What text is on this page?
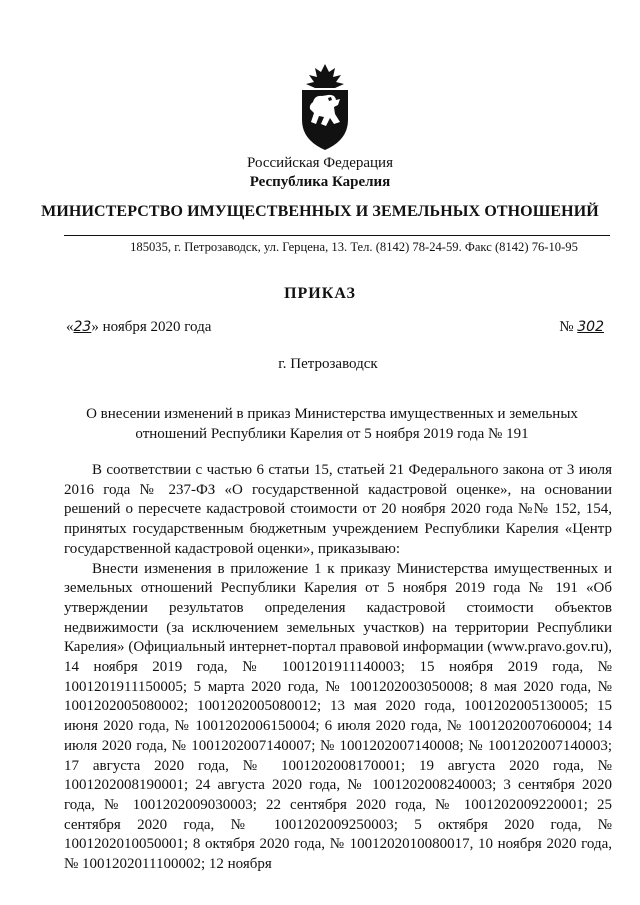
Российская Федерация
Республика Карелия
МИНИСТЕРСТВО ИМУЩЕСТВЕННЫХ И ЗЕМЕЛЬНЫХ ОТНОШЕНИЙ
185035, г. Петрозаводск, ул. Герцена, 13. Тел. (8142) 78-24-59. Факс (8142) 76-10-95
ПРИКАЗ
«23» ноября 2020 года	№ 302
г. Петрозаводск
О внесении изменений в приказ Министерства имущественных и земельных
отношений Республики Карелия от 5 ноября 2019 года № 191

В соответствии с частью 6 статьи 15, статьей 21 Федерального закона от 3 июля 2016 года № 237-ФЗ «О государственной кадастровой оценке», на основании решений о пересчете кадастровой стоимости от 20 ноября 2020 года №№ 152, 154, принятых государственным бюджетным учреждением Республики Карелия «Центр государственной кадастровой оценки», приказываю:

Внести изменения в приложение 1 к приказу Министерства имущественных и земельных отношений Республики Карелия от 5 ноября 2019 года № 191 «Об утверждении результатов определения кадастровой стоимости объектов недвижимости (за исключением земельных участков) на территории Республики Карелия» (Официальный интернет-портал правовой информации (www.pravo.gov.ru), 14 ноября 2019 года, № 1001201911140003; 15 ноября 2019 года, № 1001201911150005; 5 марта 2020 года, № 1001202003050008; 8 мая 2020 года, № 1001202005080002; 1001202005080012; 13 мая 2020 года, 1001202005130005; 15 июня 2020 года, № 1001202006150004; 6 июля 2020 года, № 1001202007060004; 14 июля 2020 года, № 1001202007140007; № 1001202007140008; № 1001202007140003; 17 августа 2020 года, № 1001202008170001; 19 августа 2020 года, № 1001202008190001; 24 августа 2020 года, № 1001202008240003; 3 сентября 2020 года, № 1001202009030003; 22 сентября 2020 года, № 1001202009220001; 25 сентября 2020 года, № 1001202009250003; 5 октября 2020 года, № 1001202010050001; 8 октября 2020 года, № 1001202010080017, 10 ноября 2020 года, № 1001202011100002; 12 ноября
